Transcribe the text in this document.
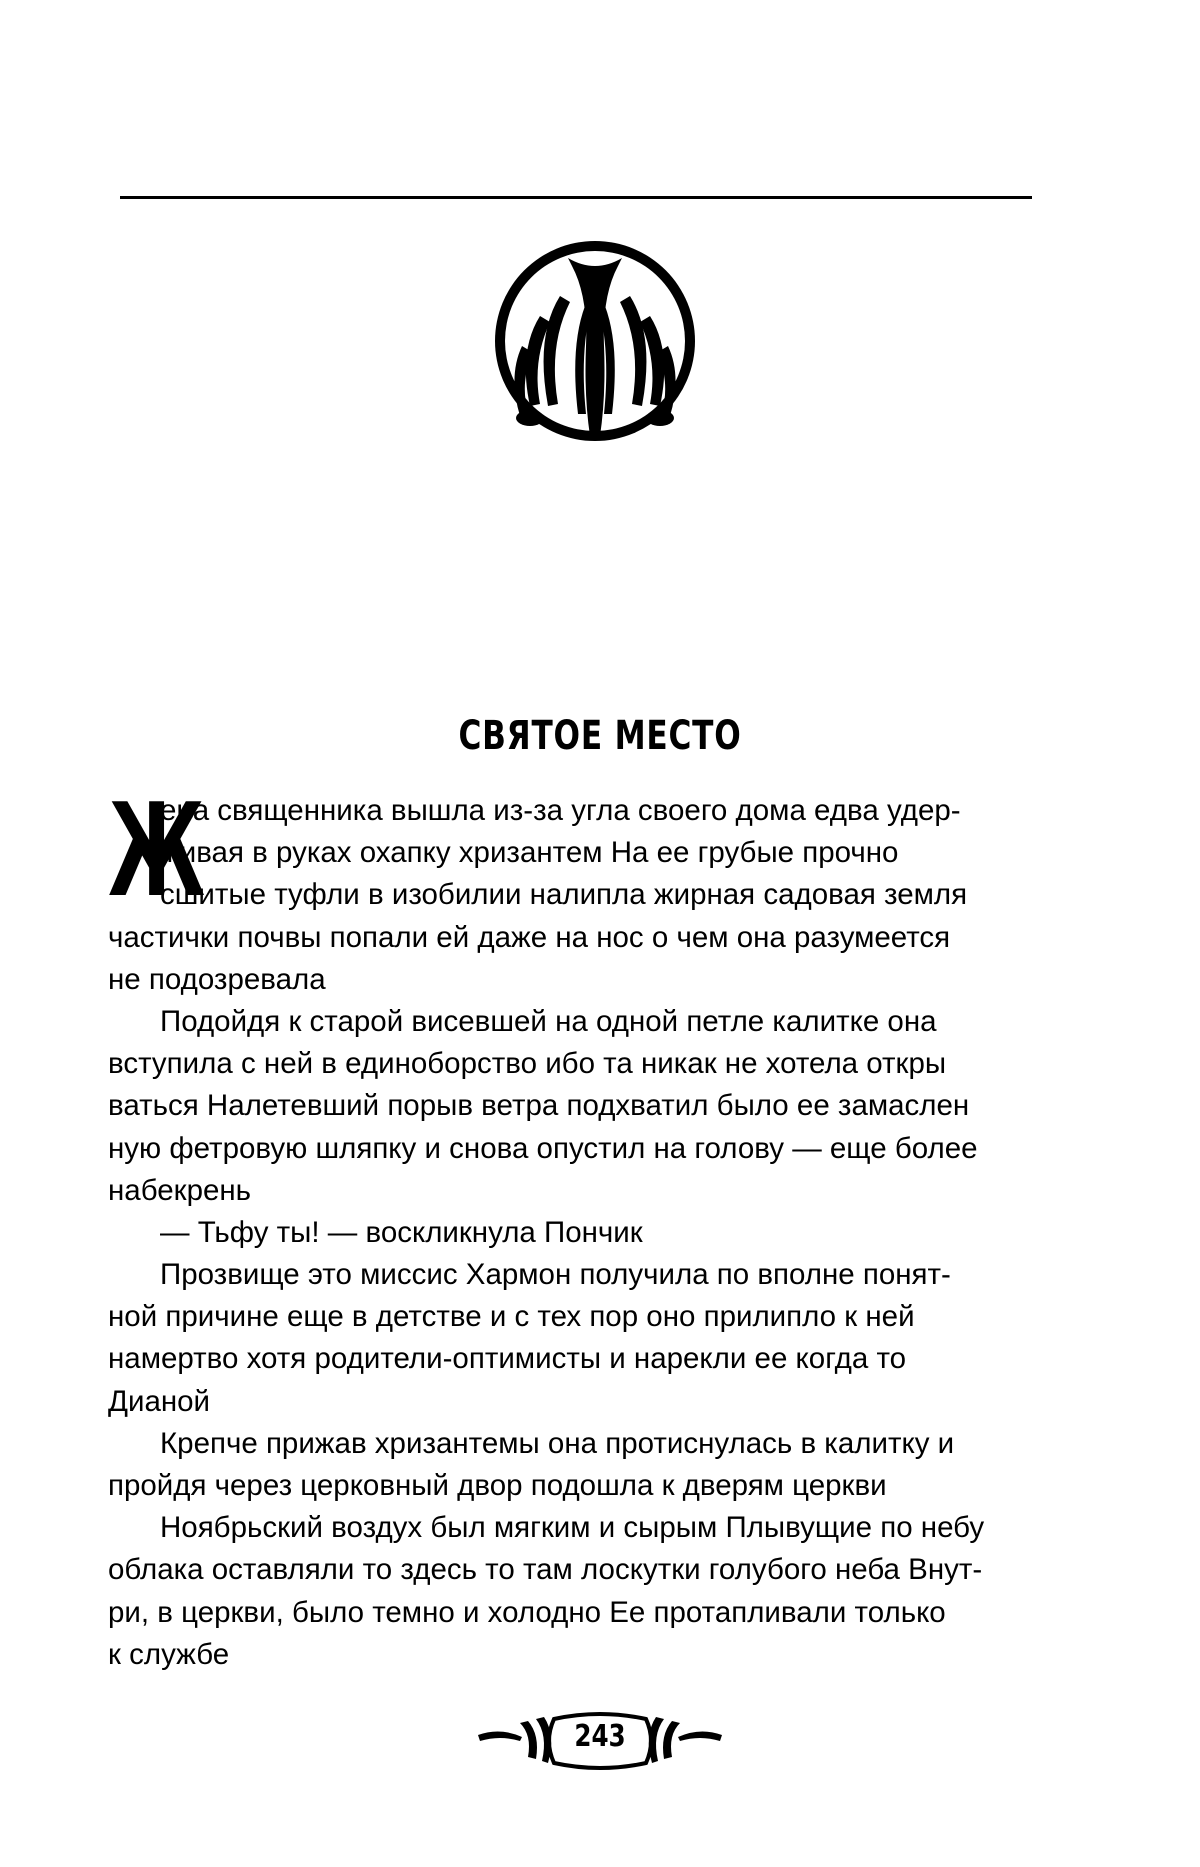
СВЯТОЕ МЕСТО
Ж
ена священника вышла из-за угла своего дома едва удер-
живая в руках охапку хризантем На ее грубые прочно
сшитые туфли в изобилии налипла жирная садовая земля
частички почвы попали ей даже на нос о чем она разумеется
не подозревала
Подойдя к старой висевшей на одной петле калитке она
вступила с ней в единоборство ибо та никак не хотела откры
ваться Налетевший порыв ветра подхватил было ее замаслен
ную фетровую шляпку и снова опустил на голову — еще более
набекрень
— Тьфу ты! — воскликнула Пончик
Прозвище это миссис Хармон получила по вполне понят-
ной причине еще в детстве и с тех пор оно прилипло к ней
намертво хотя родители-оптимисты и нарекли ее когда то
Дианой
Крепче прижав хризантемы она протиснулась в калитку и
пройдя через церковный двор подошла к дверям церкви
Ноябрьский воздух был мягким и сырым Плывущие по небу
облака оставляли то здесь то там лоскутки голубого неба Внут-
ри, в церкви, было темно и холодно Ее протапливали только
к службе
243
